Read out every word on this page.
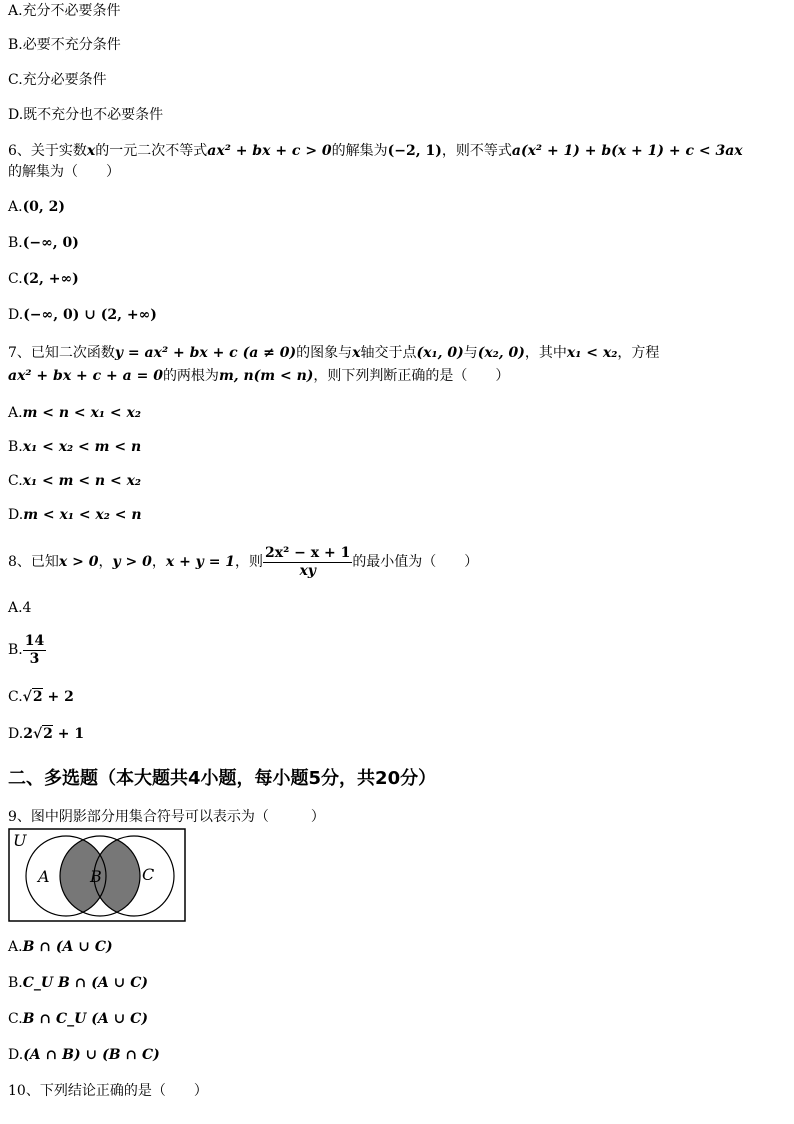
A.充分不必要条件
B.必要不充分条件
C.充分必要条件
D.既不充分也不必要条件
6、关于实数x的一元二次不等式ax² + bx + c > 0的解集为(−2, 1)，则不等式a(x² + 1) + b(x + 1) + c < 3ax
的解集为（　　）
A.(0, 2)
B.(−∞, 0)
C.(2, +∞)
D.(−∞, 0) ∪ (2, +∞)
7、已知二次函数y = ax² + bx + c (a ≠ 0)的图象与x轴交于点(x₁, 0)与(x₂, 0)，其中x₁ < x₂，方程
ax² + bx + c + a = 0的两根为m, n(m < n)，则下列判断正确的是（　　）
A.m < n < x₁ < x₂
B.x₁ < x₂ < m < n
C.x₁ < m < n < x₂
D.m < x₁ < x₂ < n
8、已知x > 0，y > 0，x + y = 1，则 $\frac{\text{2x² − x + 1}}{xy}$ 的最小值为（　　）
A.4
B. $\frac{14}{3}$
C.√2 + 2
D.2√2 + 1
二、多选题（本大题共4小题，每小题5分，共20分）
9、图中阴影部分用集合符号可以表示为（　　　）
U
A	B	C
A.B ∩ (A ∪ C)
B.C_U B ∩ (A ∪ C)
C.B ∩ C_U (A ∪ C)
D.(A ∩ B) ∪ (B ∩ C)
10、下列结论正确的是（　　）
